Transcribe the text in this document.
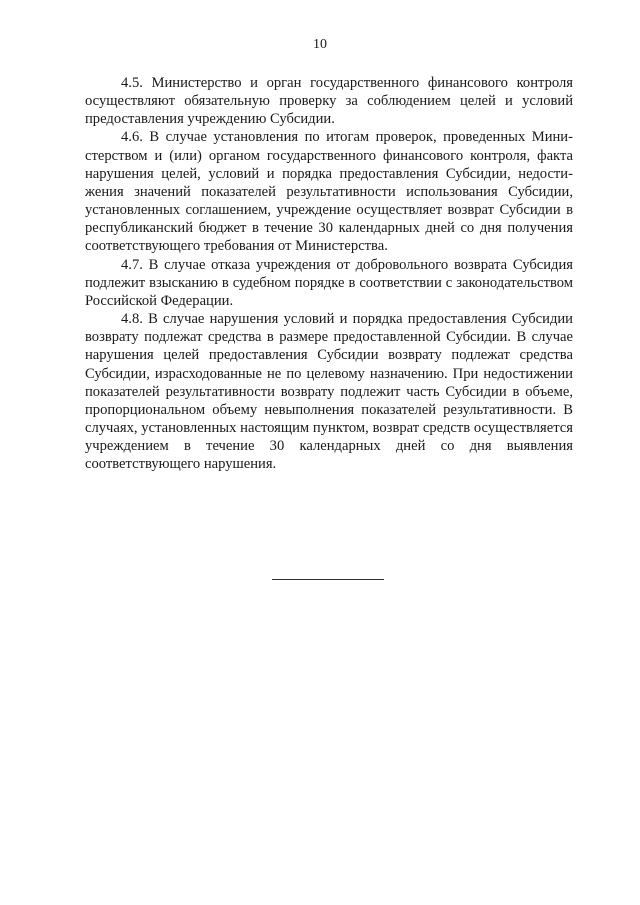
10

4.5. Министерство и орган государственного финансового контроля осуществляют обязательную проверку за соблюдением целей и условий предоставления учреждению Субсидии.

4.6. В случае установления по итогам проверок, проведенных Министерством и (или) органом государственного финансового контроля, факта нарушения целей, условий и порядка предоставления Субсидии, недостижения значений показателей результативности использования Субсидии, установленных соглашением, учреждение осуществляет возврат Субсидии в республиканский бюджет в течение 30 календарных дней со дня получения соответствующего требования от Министерства.

4.7. В случае отказа учреждения от добровольного возврата Субсидия подлежит взысканию в судебном порядке в соответствии с законодательством Российской Федерации.

4.8. В случае нарушения условий и порядка предоставления Субсидии возврату подлежат средства в размере предоставленной Субсидии. В случае нарушения целей предоставления Субсидии возврату подлежат средства Субсидии, израсходованные не по целевому назначению. При недостижении показателей результативности возврату подлежит часть Субсидии в объеме, пропорциональном объему невыполнения показателей результативности. В случаях, установленных настоящим пунктом, возврат средств осуществляется учреждением в течение 30 календарных дней со дня выявления соответствующего нарушения.
